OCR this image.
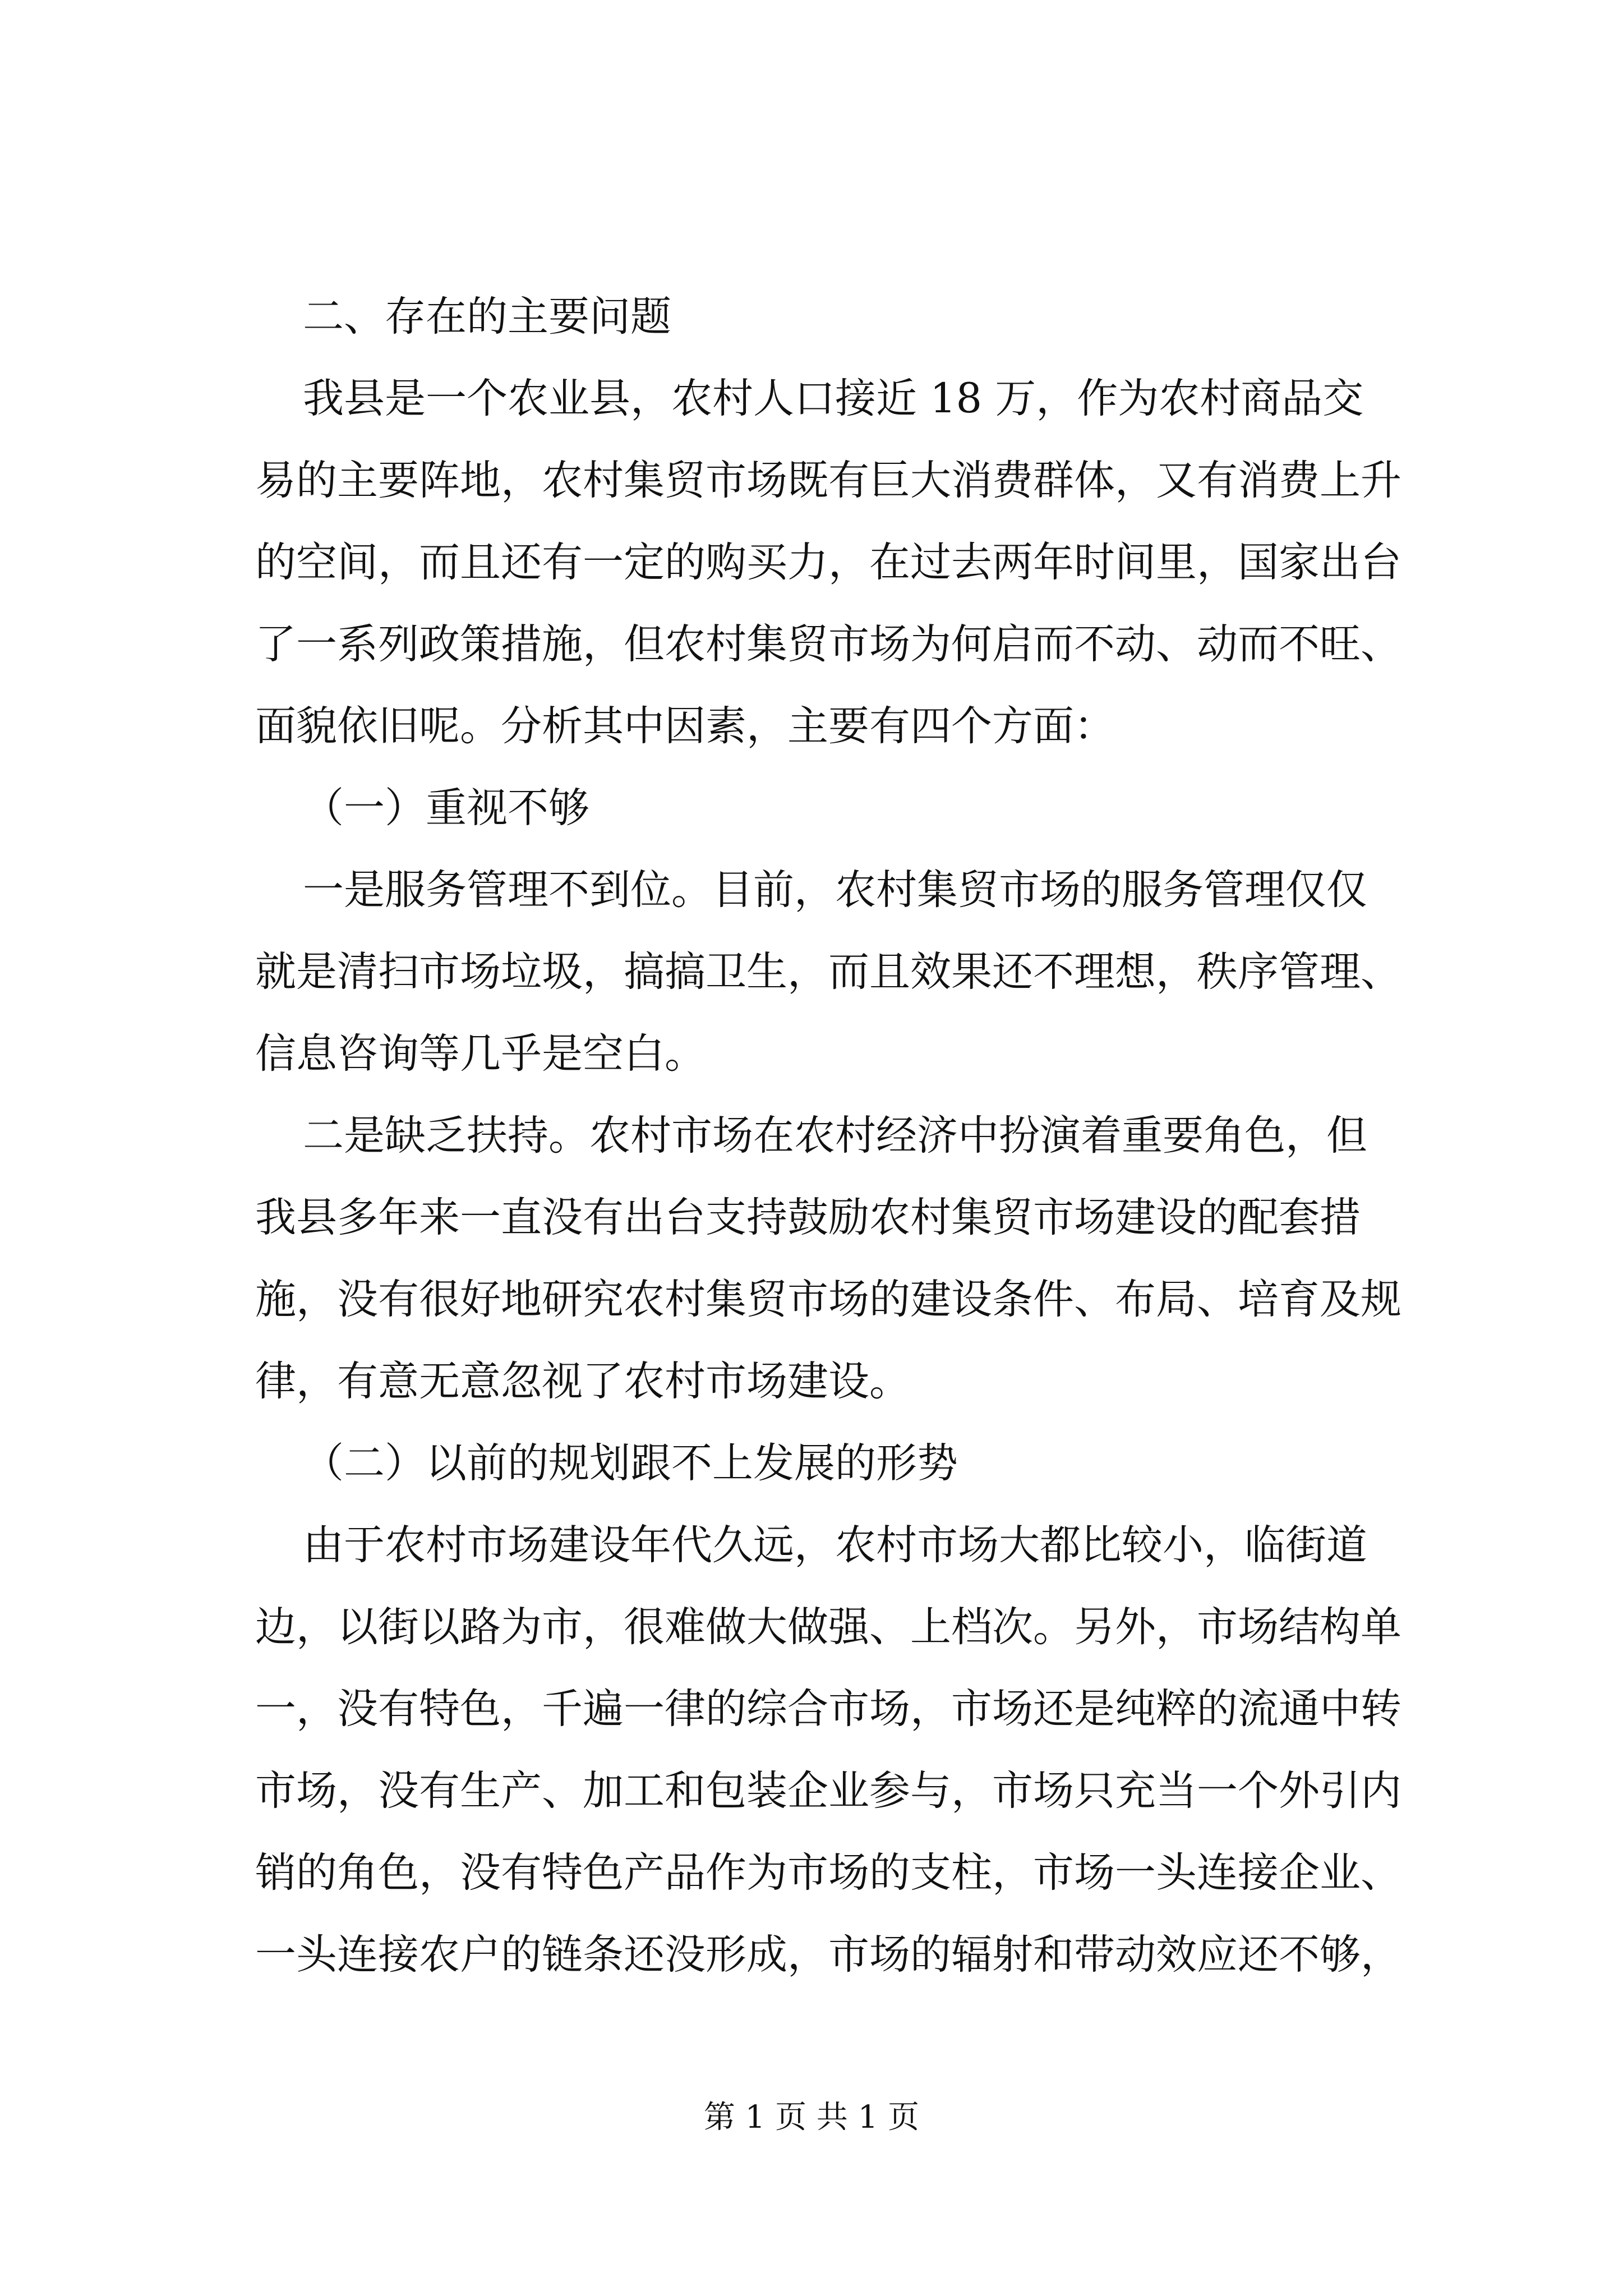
二、存在的主要问题

我县是一个农业县，农村人口接近 18 万，作为农村商品交

易的主要阵地，农村集贸市场既有巨大消费群体，又有消费上升

的空间，而且还有一定的购买力，在过去两年时间里，国家出台

了一系列政策措施，但农村集贸市场为何启而不动、动而不旺、

面貌依旧呢。分析其中因素，主要有四个方面：

（一）重视不够

一是服务管理不到位。目前，农村集贸市场的服务管理仅仅

就是清扫市场垃圾，搞搞卫生，而且效果还不理想，秩序管理、

信息咨询等几乎是空白。

二是缺乏扶持。农村市场在农村经济中扮演着重要角色，但

我县多年来一直没有出台支持鼓励农村集贸市场建设的配套措

施，没有很好地研究农村集贸市场的建设条件、布局、培育及规

律，有意无意忽视了农村市场建设。

（二）以前的规划跟不上发展的形势

由于农村市场建设年代久远，农村市场大都比较小，临街道

边，以街以路为市，很难做大做强、上档次。另外，市场结构单

一，没有特色，千遍一律的综合市场，市场还是纯粹的流通中转

市场，没有生产、加工和包装企业参与，市场只充当一个外引内

销的角色，没有特色产品作为市场的支柱，市场一头连接企业、

一头连接农户的链条还没形成，市场的辐射和带动效应还不够，

第 1 页 共 1 页
